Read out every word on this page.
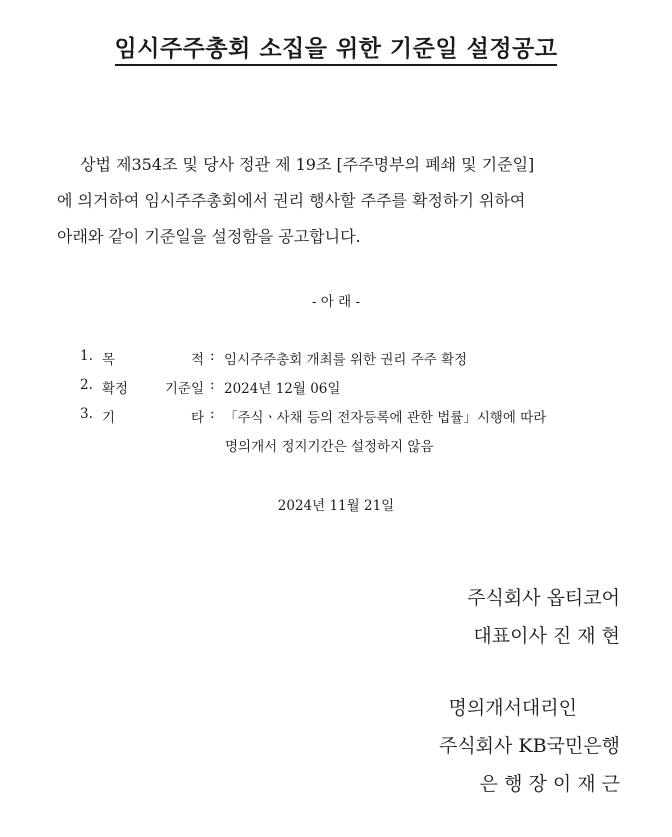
임시주주총회 소집을 위한 기준일 설정공고
상법 제354조 및 당사 정관 제 19조 [주주명부의 폐쇄 및 기준일]
에 의거하여 임시주주총회에서 권리 행사할 주주를 확정하기 위하여
아래와 같이 기준일을 설정함을 공고합니다.
- 아 래 -
1. 목	적 : 임시주주총회 개최를 위한 권리 주주 확정
2. 확정	기준일 : 2024년 12월 06일
3. 기	타 : 「주식ㆍ사채 등의 전자등록에 관한 법률」시행에 따라
명의개서 정지기간은 설정하지 않음
2024년 11월 21일
주식회사 옵티코어
대표이사 진 재 현
명의개서대리인
주식회사 KB국민은행
은 행 장 이 재 근
